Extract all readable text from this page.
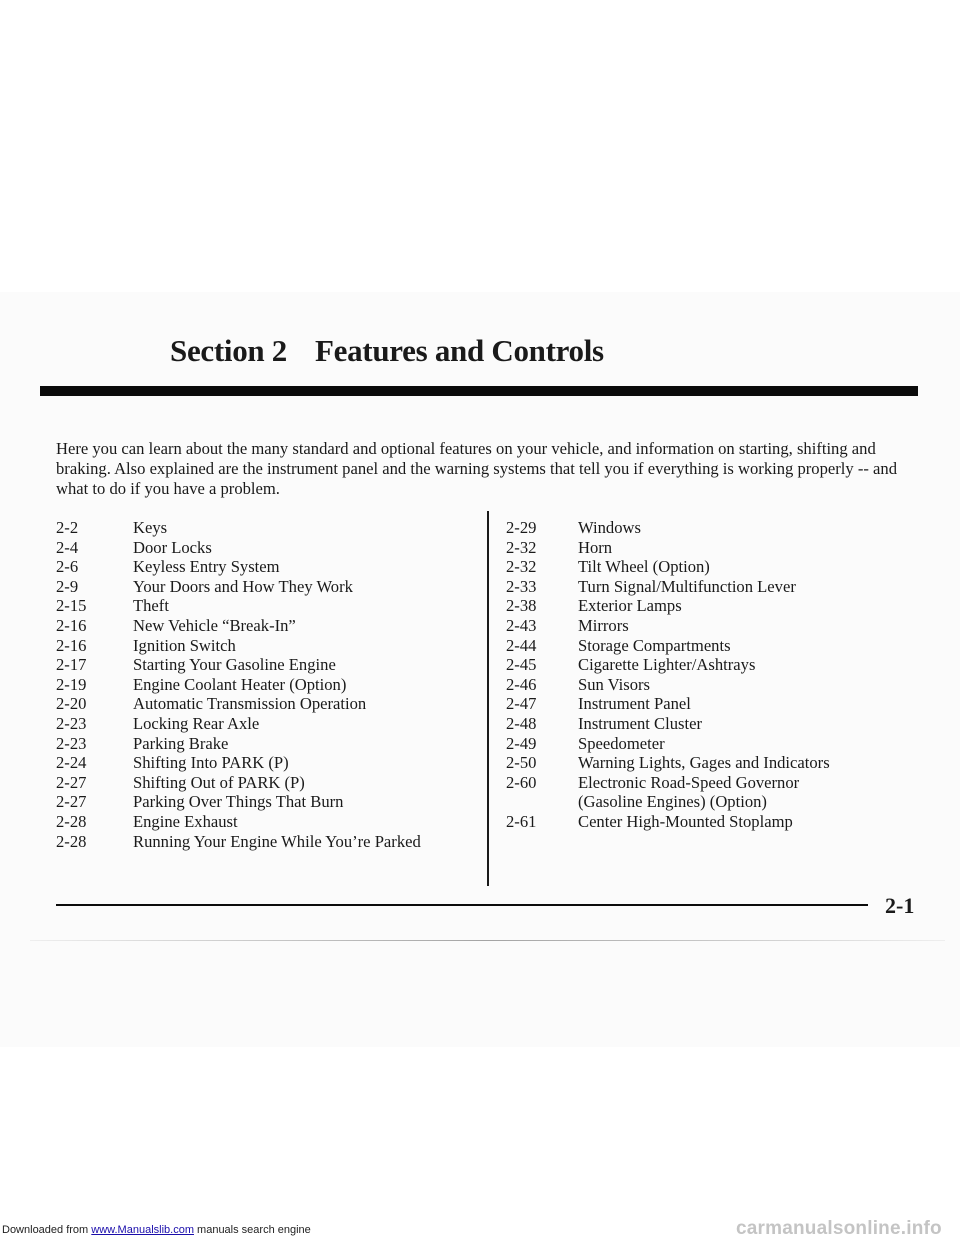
Section 2 Features and Controls

Here you can learn about the many standard and optional features on your vehicle, and information on starting, shifting and braking. Also explained are the instrument panel and the warning systems that tell you if everything is working properly -- and what to do if you have a problem.

2-2	Keys
2-4	Door Locks
2-6	Keyless Entry System
2-9	Your Doors and How They Work
2-15	Theft
2-16	New Vehicle “Break-In”
2-16	Ignition Switch
2-17	Starting Your Gasoline Engine
2-19	Engine Coolant Heater (Option)
2-20	Automatic Transmission Operation
2-23	Locking Rear Axle
2-23	Parking Brake
2-24	Shifting Into PARK (P)
2-27	Shifting Out of PARK (P)
2-27	Parking Over Things That Burn
2-28	Engine Exhaust
2-28	Running Your Engine While You’re Parked
2-29	Windows
2-32	Horn
2-32	Tilt Wheel (Option)
2-33	Turn Signal/Multifunction Lever
2-38	Exterior Lamps
2-43	Mirrors
2-44	Storage Compartments
2-45	Cigarette Lighter/Ashtrays
2-46	Sun Visors
2-47	Instrument Panel
2-48	Instrument Cluster
2-49	Speedometer
2-50	Warning Lights, Gages and Indicators
2-60	Electronic Road-Speed Governor
(Gasoline Engines) (Option)
2-61	Center High-Mounted Stoplamp
2-1
Downloaded from www.Manualslib.com manuals search engine	carmanualsonline.info
